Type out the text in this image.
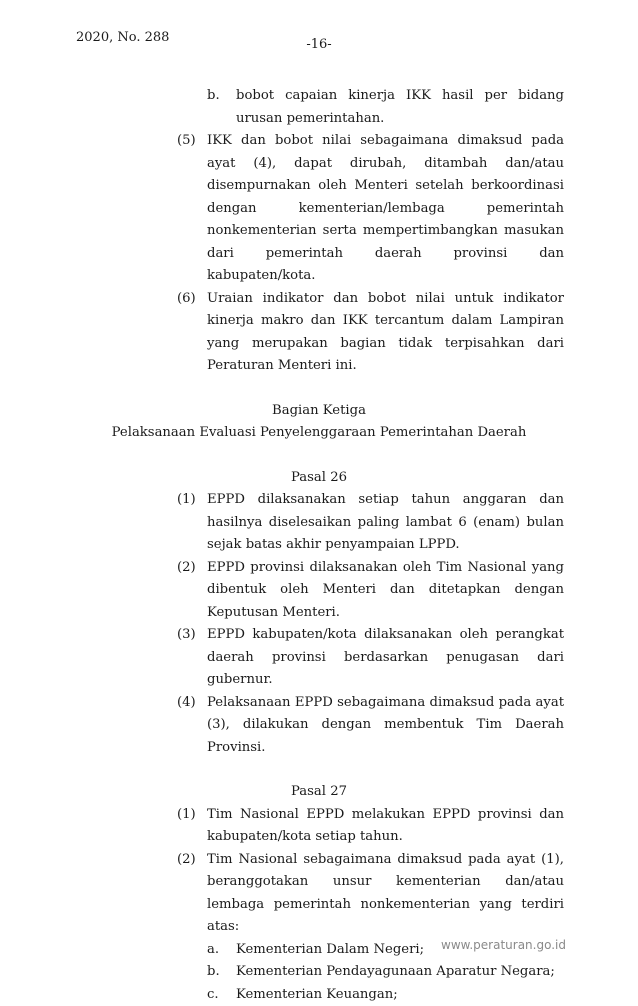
2020, No. 288	-16-
b.	bobot capaian kinerja IKK hasil per bidang urusan pemerintahan.
(5) IKK dan bobot nilai sebagaimana dimaksud pada ayat (4), dapat dirubah, ditambah dan/atau disempurnakan oleh Menteri setelah berkoordinasi dengan kementerian/lembaga pemerintah nonkementerian serta mempertimbangkan masukan dari pemerintah daerah provinsi dan kabupaten/kota.
(6) Uraian indikator dan bobot nilai untuk indikator kinerja makro dan IKK tercantum dalam Lampiran yang merupakan bagian tidak terpisahkan dari Peraturan Menteri ini.
Bagian Ketiga
Pelaksanaan Evaluasi Penyelenggaraan Pemerintahan Daerah
Pasal 26
(1) EPPD dilaksanakan setiap tahun anggaran dan hasilnya diselesaikan paling lambat 6 (enam) bulan sejak batas akhir penyampaian LPPD.
(2) EPPD provinsi dilaksanakan oleh Tim Nasional yang dibentuk oleh Menteri dan ditetapkan dengan Keputusan Menteri.
(3) EPPD kabupaten/kota dilaksanakan oleh perangkat daerah provinsi berdasarkan penugasan dari gubernur.
(4) Pelaksanaan EPPD sebagaimana dimaksud pada ayat (3), dilakukan dengan membentuk Tim Daerah Provinsi.
Pasal 27
(1) Tim Nasional EPPD melakukan EPPD provinsi dan kabupaten/kota setiap tahun.
(2) Tim Nasional sebagaimana dimaksud pada ayat (1), beranggotakan unsur kementerian dan/atau lembaga pemerintah nonkementerian yang terdiri atas:
a.	Kementerian Dalam Negeri;
b.	Kementerian Pendayagunaan Aparatur Negara;
c.	Kementerian Keuangan;
www.peraturan.go.id
